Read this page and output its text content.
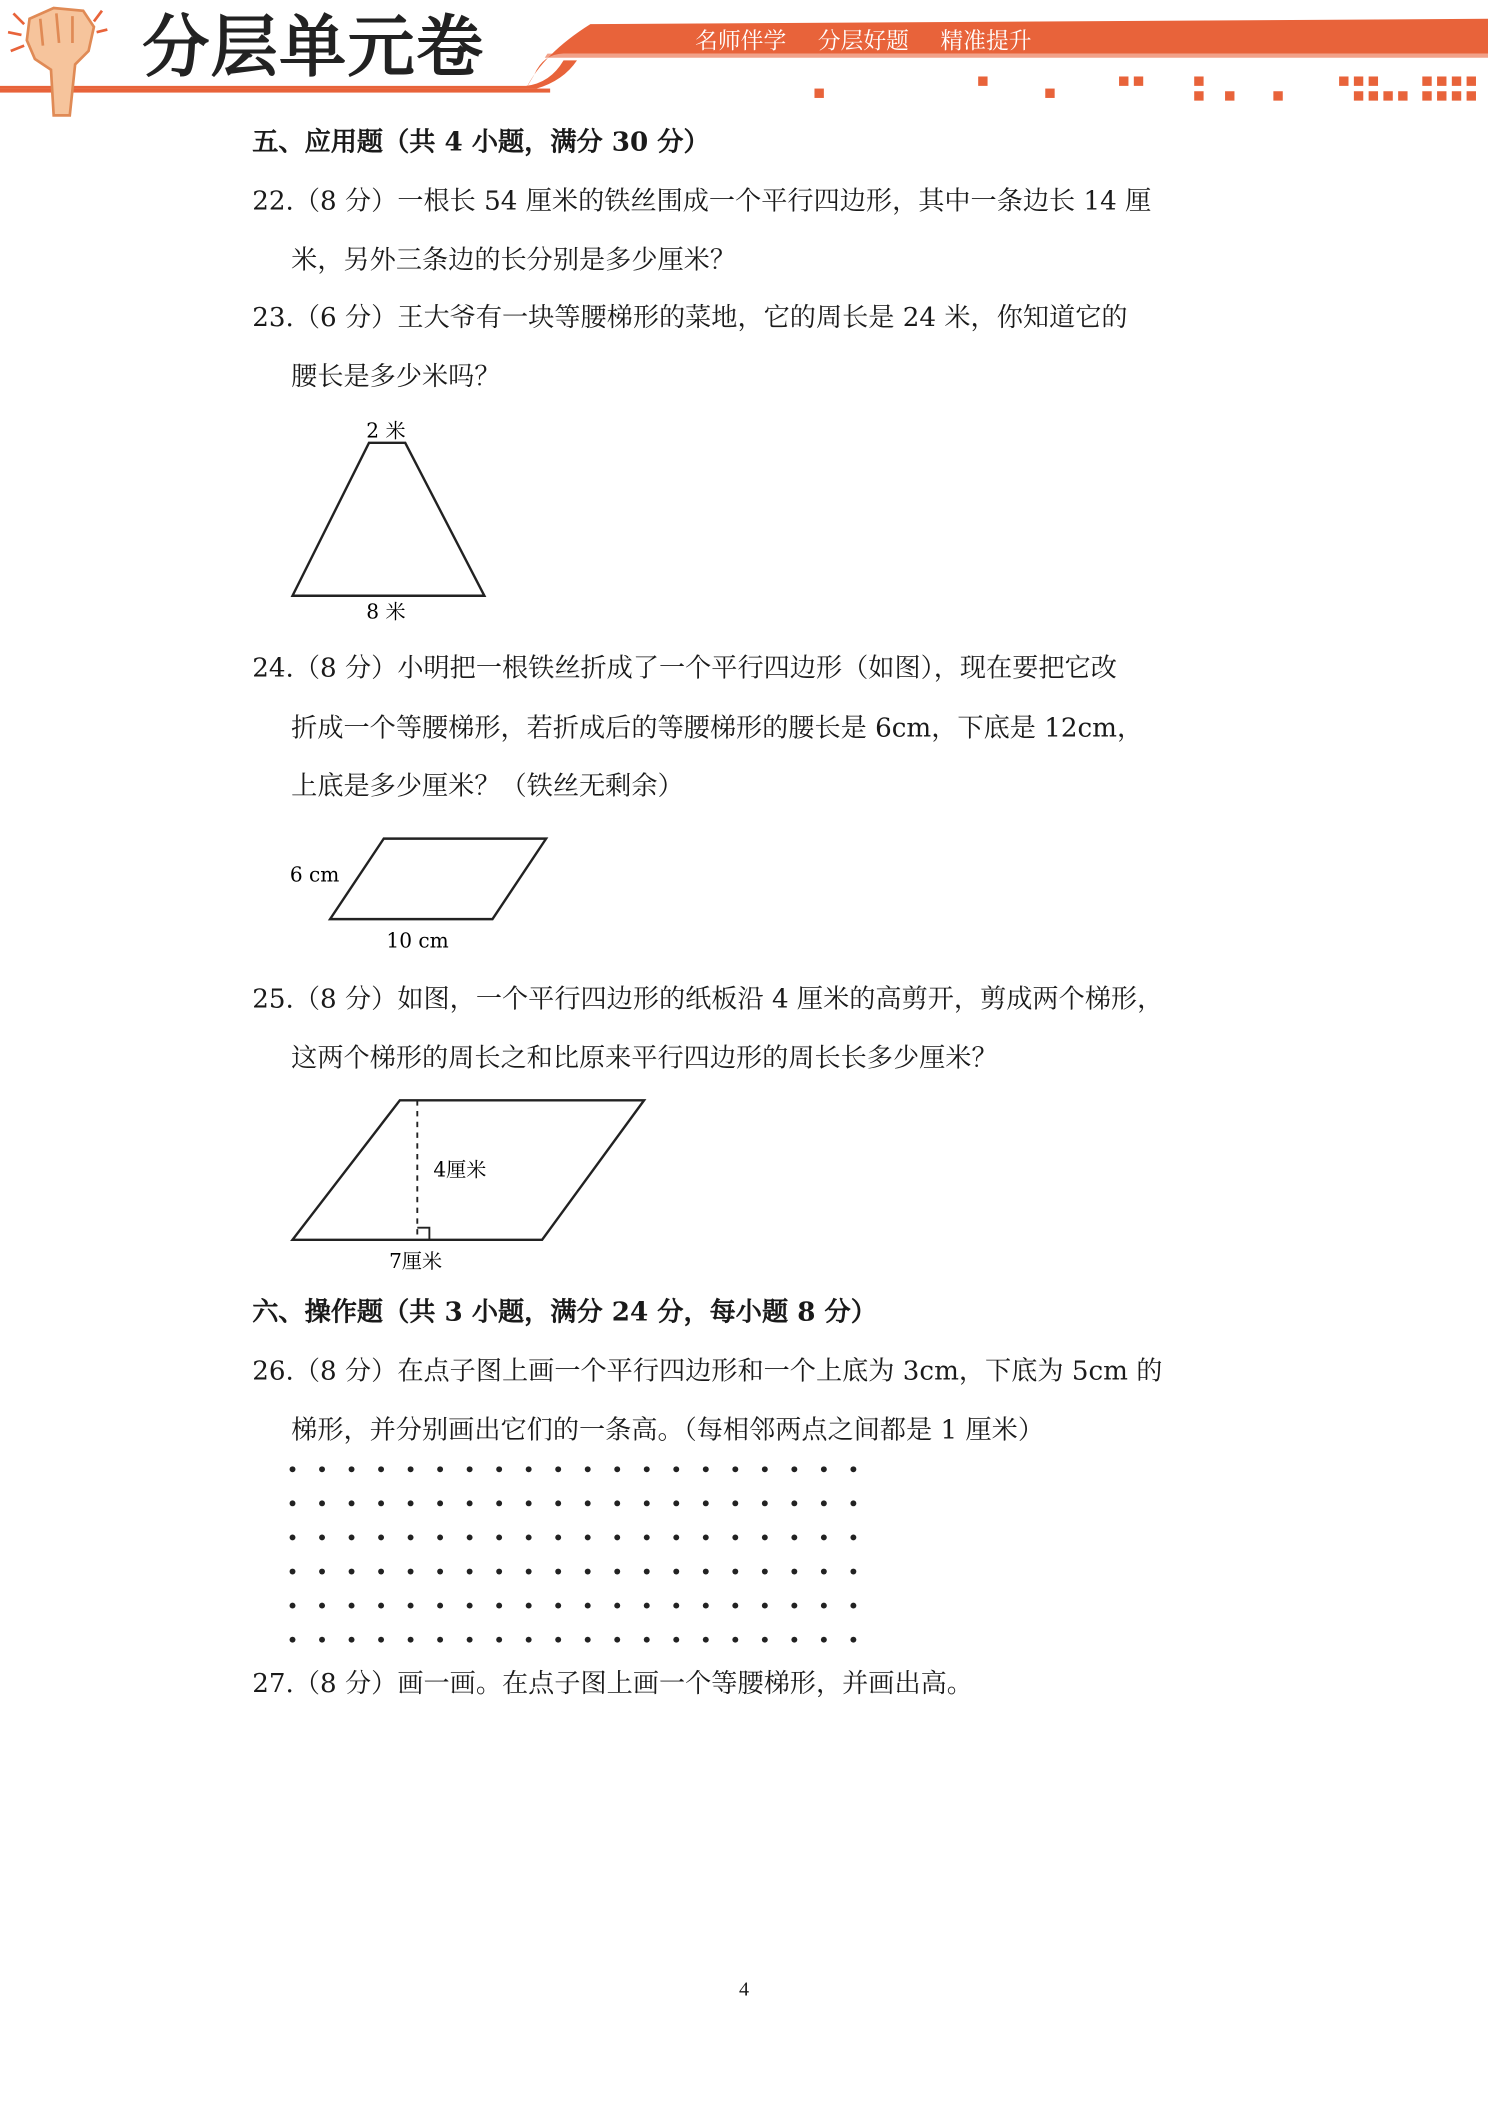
分层单元卷	名师伴学 分层好题 精准提升
五、应用题（共 4 小题，满分 30 分）
22.（8 分）一根长 54 厘米的铁丝围成一个平行四边形，其中一条边长 14 厘
米，另外三条边的长分别是多少厘米？
23.（6 分）王大爷有一块等腰梯形的菜地，它的周长是 24 米，你知道它的
腰长是多少米吗？
2 米
8 米
24.（8 分）小明把一根铁丝折成了一个平行四边形（如图），现在要把它改
折成一个等腰梯形，若折成后的等腰梯形的腰长是 6cm，下底是 12cm，
上底是多少厘米？（铁丝无剩余）
6 cm
10 cm
25.（8 分）如图，一个平行四边形的纸板沿 4 厘米的高剪开，剪成两个梯形，
这两个梯形的周长之和比原来平行四边形的周长长多少厘米？
4厘米
7厘米
六、操作题（共 3 小题，满分 24 分，每小题 8 分）
26.（8 分）在点子图上画一个平行四边形和一个上底为 3cm，下底为 5cm 的
梯形，并分别画出它们的一条高。（每相邻两点之间都是 1 厘米）
27.（8 分）画一画。在点子图上画一个等腰梯形，并画出高。
4
